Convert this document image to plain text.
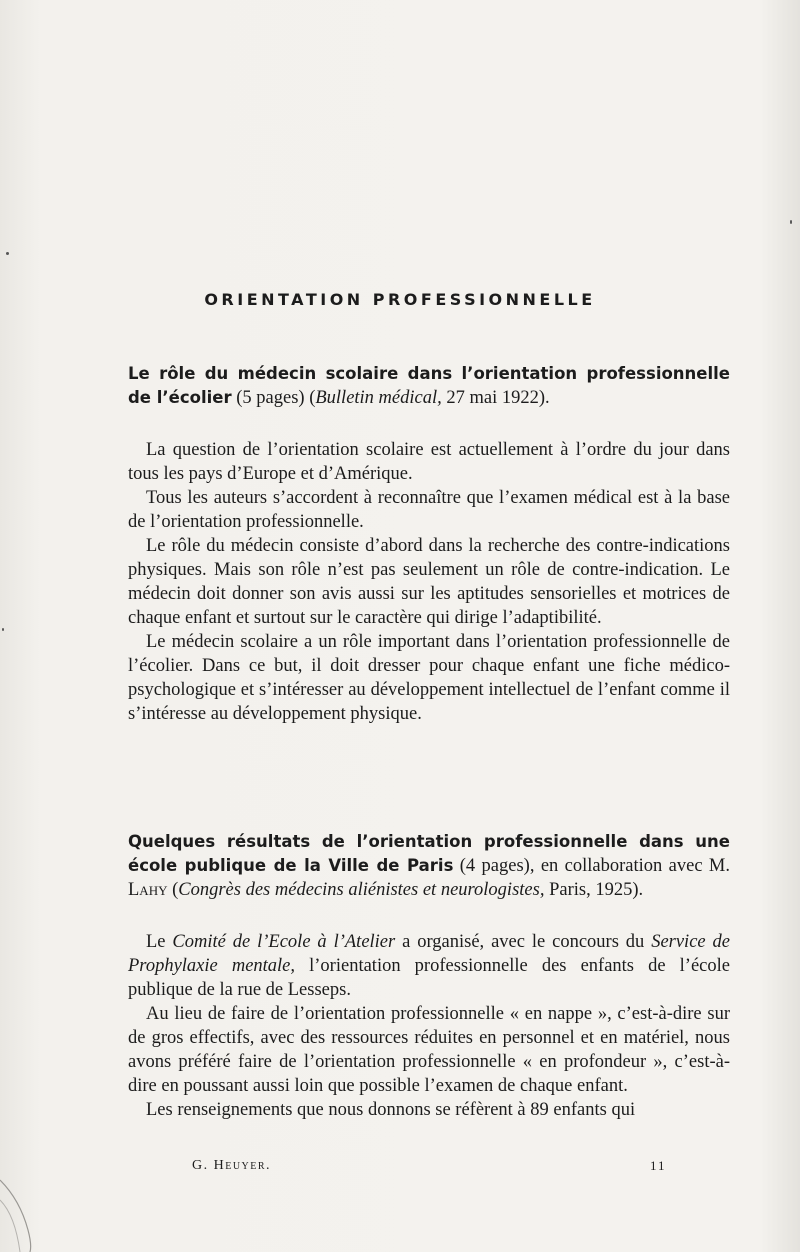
ORIENTATION PROFESSIONNELLE
Le rôle du médecin scolaire dans l’orientation professionnelle de l’écolier (5 pages) (Bulletin médical, 27 mai 1922).

La question de l’orientation scolaire est actuellement à l’ordre du jour dans tous les pays d’Europe et d’Amérique.

Tous les auteurs s’accordent à reconnaître que l’examen médical est à la base de l’orientation professionnelle.

Le rôle du médecin consiste d’abord dans la recherche des contre-indications physiques. Mais son rôle n’est pas seulement un rôle de contre-indication. Le médecin doit donner son avis aussi sur les aptitudes sensorielles et motrices de chaque enfant et surtout sur le caractère qui dirige l’adaptibilité.

Le médecin scolaire a un rôle important dans l’orientation professionnelle de l’écolier. Dans ce but, il doit dresser pour chaque enfant une fiche médico-psychologique et s’intéresser au développement intellectuel de l’enfant comme il s’intéresse au développement physique.

Quelques résultats de l’orientation professionnelle dans une école publique de la Ville de Paris (4 pages), en collaboration avec M. Lahy (Congrès des médecins aliénistes et neurologistes, Paris, 1925).

Le Comité de l’Ecole à l’Atelier a organisé, avec le concours du Service de Prophylaxie mentale, l’orientation professionnelle des enfants de l’école publique de la rue de Lesseps.

Au lieu de faire de l’orientation professionnelle « en nappe », c’est-à-dire sur de gros effectifs, avec des ressources réduites en personnel et en matériel, nous avons préféré faire de l’orientation professionnelle « en profondeur », c’est-à-dire en poussant aussi loin que possible l’examen de chaque enfant.

Les renseignements que nous donnons se réfèrent à 89 enfants qui

G. Heuyer.	11
